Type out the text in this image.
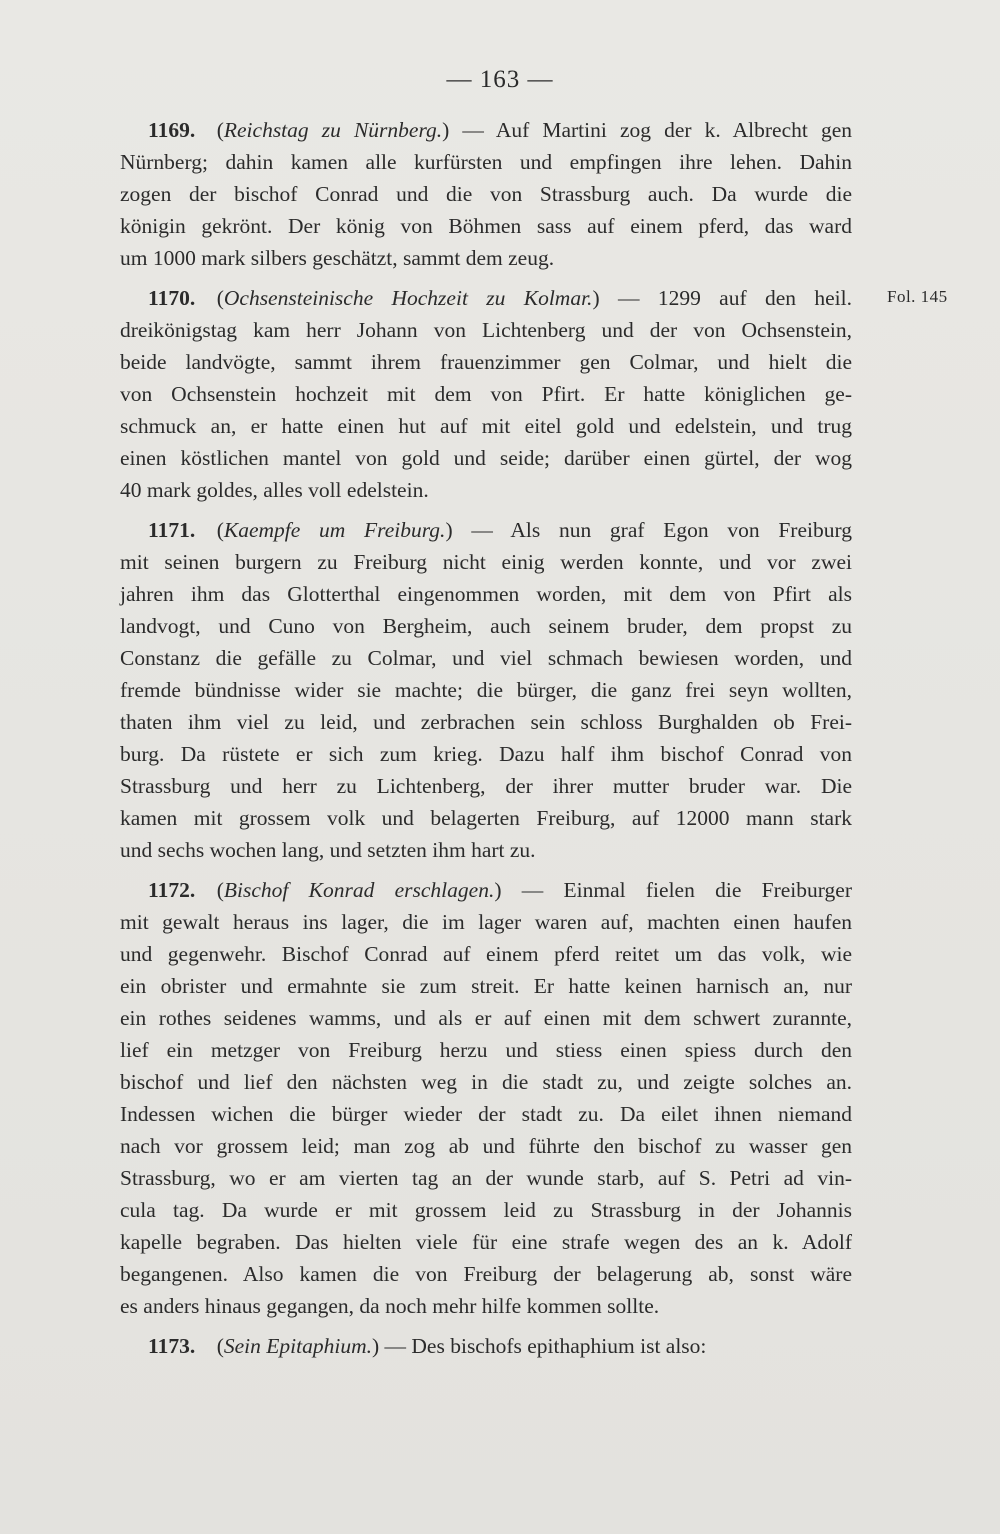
— 163 —
Fol. 145

1169.   (Reichstag zu Nürnberg.) — Auf Martini zog der k. Albrecht gen

Nürnberg; dahin kamen alle kurfürsten und empfingen ihre lehen. Dahin

zogen der bischof Conrad und die von Strassburg auch. Da wurde die

königin gekrönt. Der könig von Böhmen sass auf einem pferd, das ward

um 1000 mark silbers geschätzt, sammt dem zeug.

1170.   (Ochsensteinische Hochzeit zu Kolmar.) — 1299 auf den heil.

dreikönigstag kam herr Johann von Lichtenberg und der von Ochsenstein,

beide landvögte, sammt ihrem frauenzimmer gen Colmar, und hielt die

von Ochsenstein hochzeit mit dem von Pfirt. Er hatte königlichen ge-

schmuck an, er hatte einen hut auf mit eitel gold und edelstein, und trug

einen köstlichen mantel von gold und seide; darüber einen gürtel, der wog

40 mark goldes, alles voll edelstein.

1171.   (Kaempfe um Freiburg.) — Als nun graf Egon von Freiburg

mit seinen burgern zu Freiburg nicht einig werden konnte, und vor zwei

jahren ihm das Glotterthal eingenommen worden, mit dem von Pfirt als

landvogt, und Cuno von Bergheim, auch seinem bruder, dem propst zu

Constanz die gefälle zu Colmar, und viel schmach bewiesen worden, und

fremde bündnisse wider sie machte; die bürger, die ganz frei seyn wollten,

thaten ihm viel zu leid, und zerbrachen sein schloss Burghalden ob Frei-

burg. Da rüstete er sich zum krieg. Dazu half ihm bischof Conrad von

Strassburg und herr zu Lichtenberg, der ihrer mutter bruder war. Die

kamen mit grossem volk und belagerten Freiburg, auf 12000 mann stark

und sechs wochen lang, und setzten ihm hart zu.

1172.   (Bischof Konrad erschlagen.) — Einmal fielen die Freiburger

mit gewalt heraus ins lager, die im lager waren auf, machten einen haufen

und gegenwehr. Bischof Conrad auf einem pferd reitet um das volk, wie

ein obrister und ermahnte sie zum streit. Er hatte keinen harnisch an, nur

ein rothes seidenes wamms, und als er auf einen mit dem schwert zurannte,

lief ein metzger von Freiburg herzu und stiess einen spiess durch den

bischof und lief den nächsten weg in die stadt zu, und zeigte solches an.

Indessen wichen die bürger wieder der stadt zu. Da eilet ihnen niemand

nach vor grossem leid; man zog ab und führte den bischof zu wasser gen

Strassburg, wo er am vierten tag an der wunde starb, auf S. Petri ad vin-

cula tag. Da wurde er mit grossem leid zu Strassburg in der Johannis

kapelle begraben. Das hielten viele für eine strafe wegen des an k. Adolf

begangenen. Also kamen die von Freiburg der belagerung ab, sonst wäre

es anders hinaus gegangen, da noch mehr hilfe kommen sollte.

1173.   (Sein Epitaphium.) — Des bischofs epithaphium ist also:
